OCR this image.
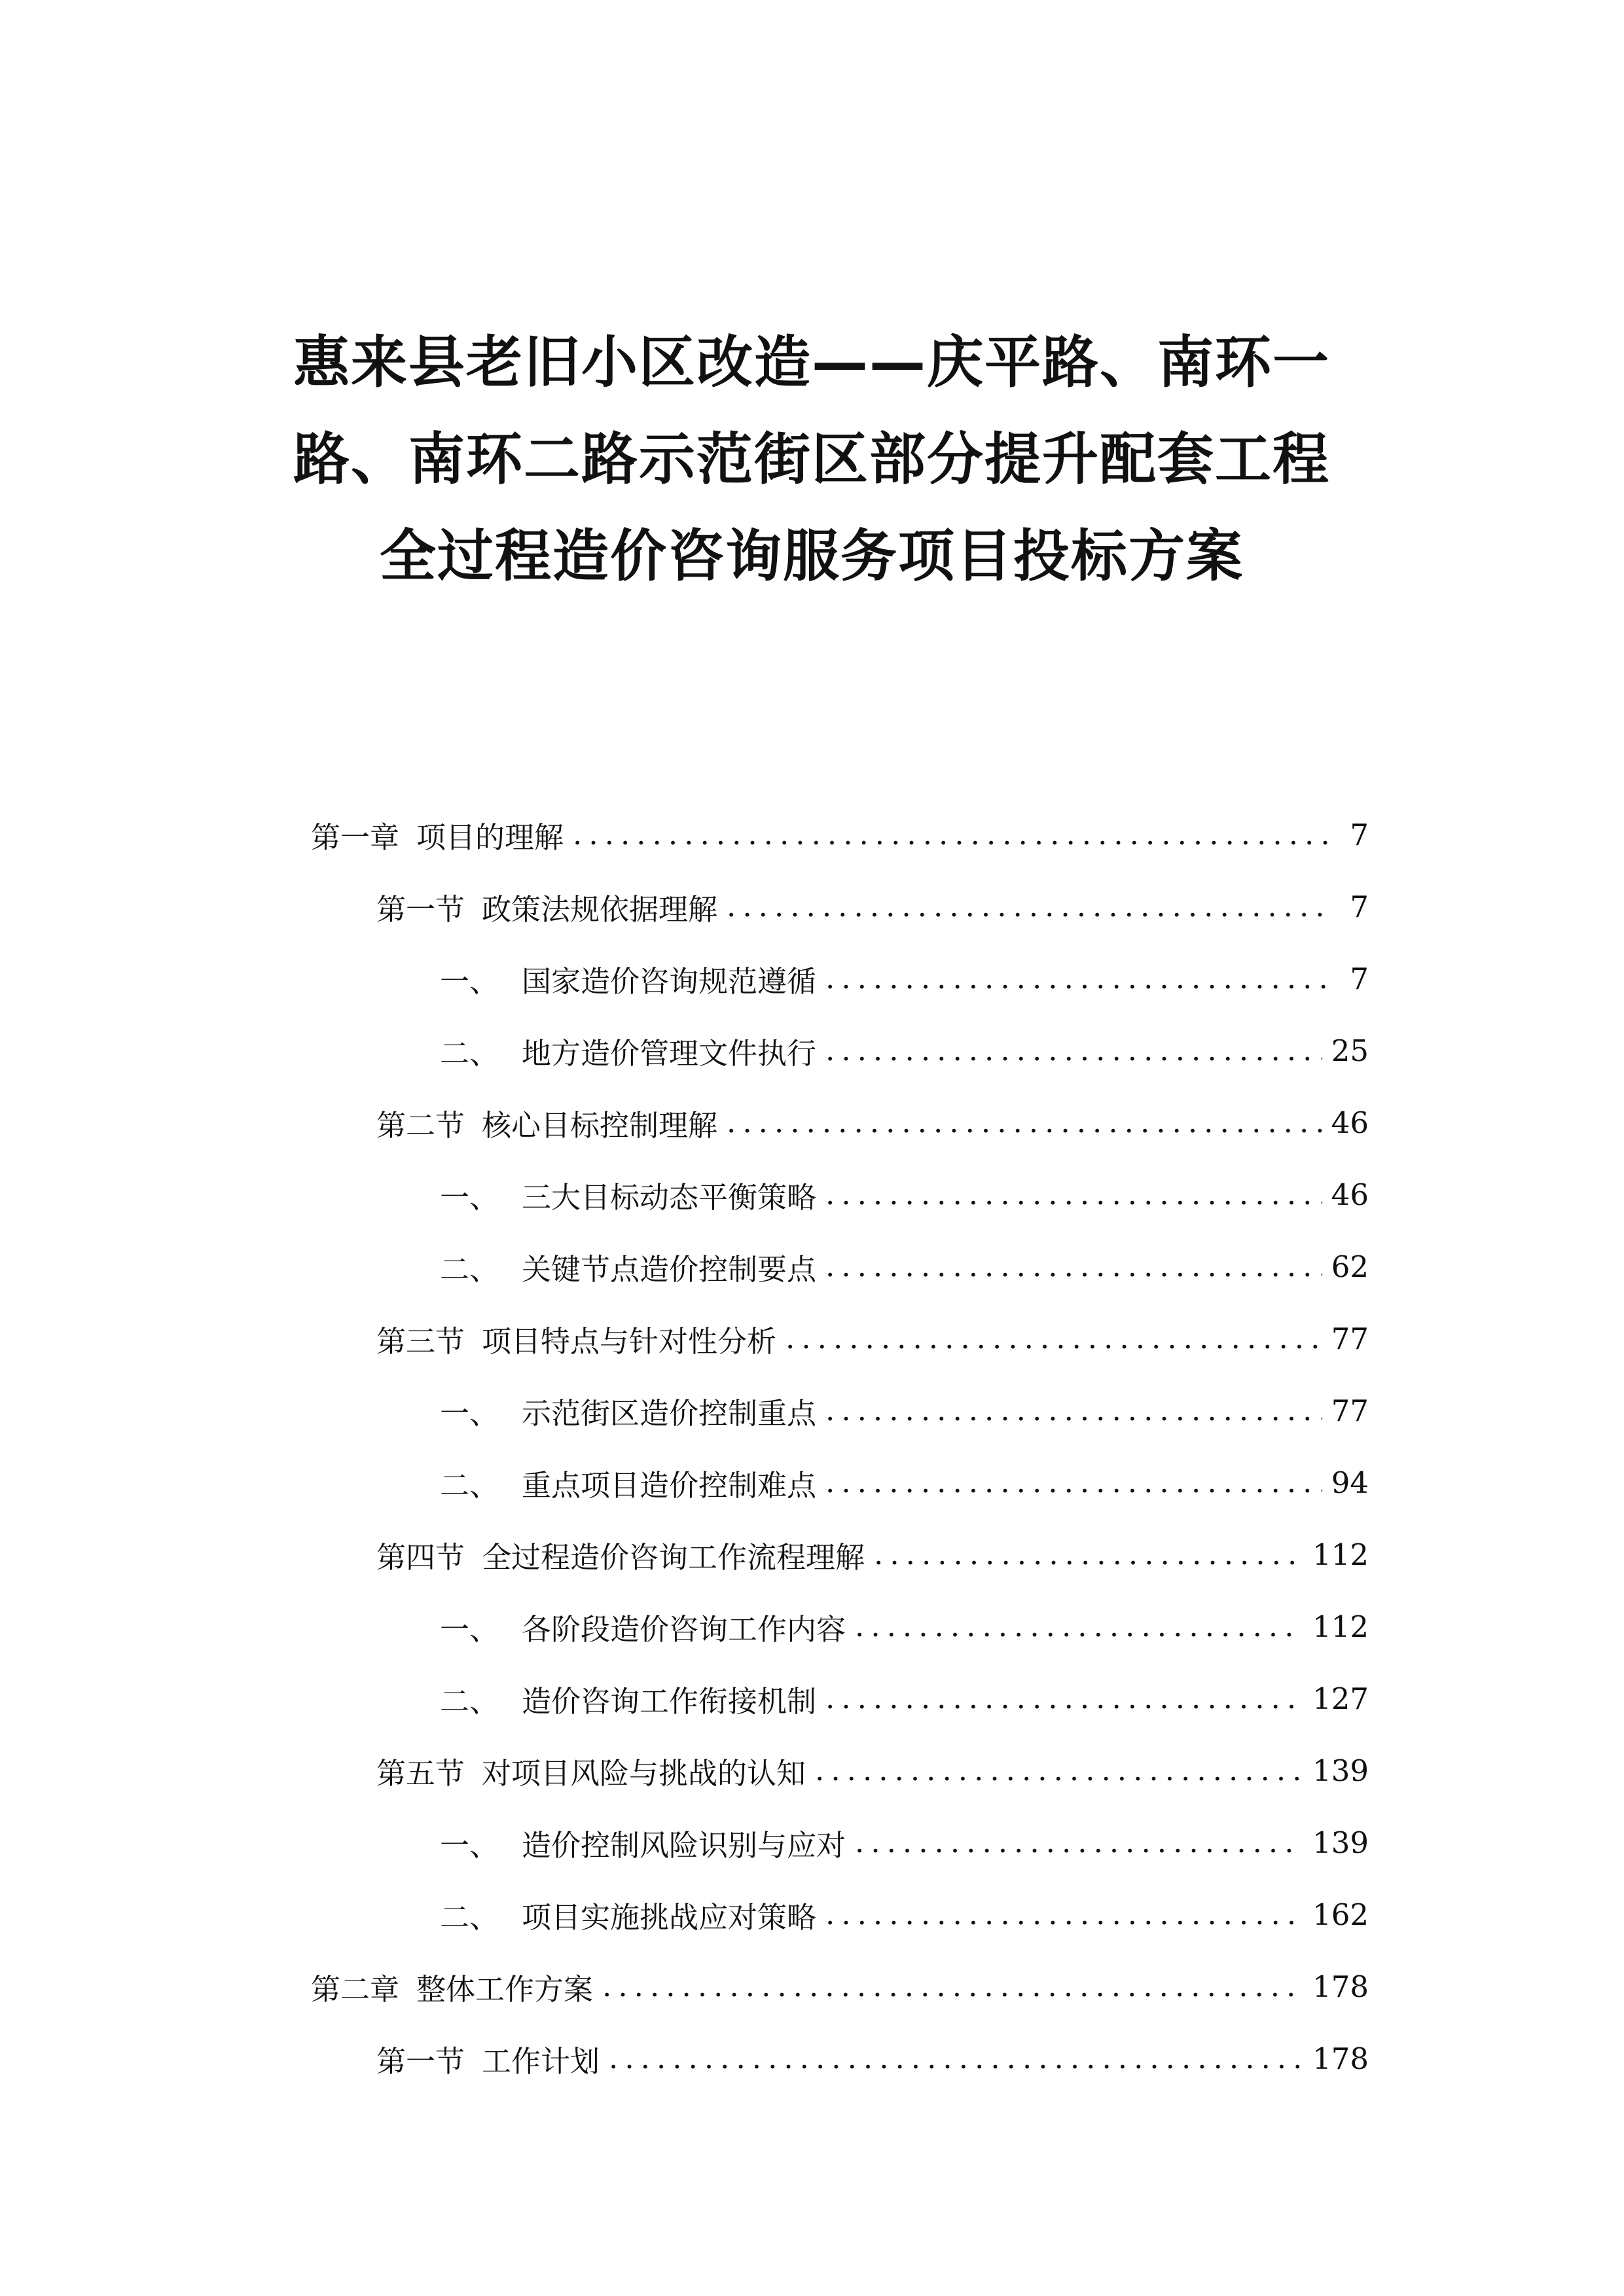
惠来县老旧小区改造——庆平路、南环一
路、南环二路示范街区部分提升配套工程
全过程造价咨询服务项目投标方案
第一章 项目的理解 .....	7
第一节 政策法规依据理解 .....	7
一、 国家造价咨询规范遵循 .....	7
二、 地方造价管理文件执行 .....	25
第二节 核心目标控制理解 .....	46
一、 三大目标动态平衡策略 .....	46
二、 关键节点造价控制要点 .....	62
第三节 项目特点与针对性分析 .....	77
一、 示范街区造价控制重点 .....	77
二、 重点项目造价控制难点 .....	94
第四节 全过程造价咨询工作流程理解 .....	112
一、 各阶段造价咨询工作内容 .....	112
二、 造价咨询工作衔接机制 .....	127
第五节 对项目风险与挑战的认知 .....	139
一、 造价控制风险识别与应对 .....	139
二、 项目实施挑战应对策略 .....	162
第二章 整体工作方案 .....	178
第一节 工作计划 .....	178
